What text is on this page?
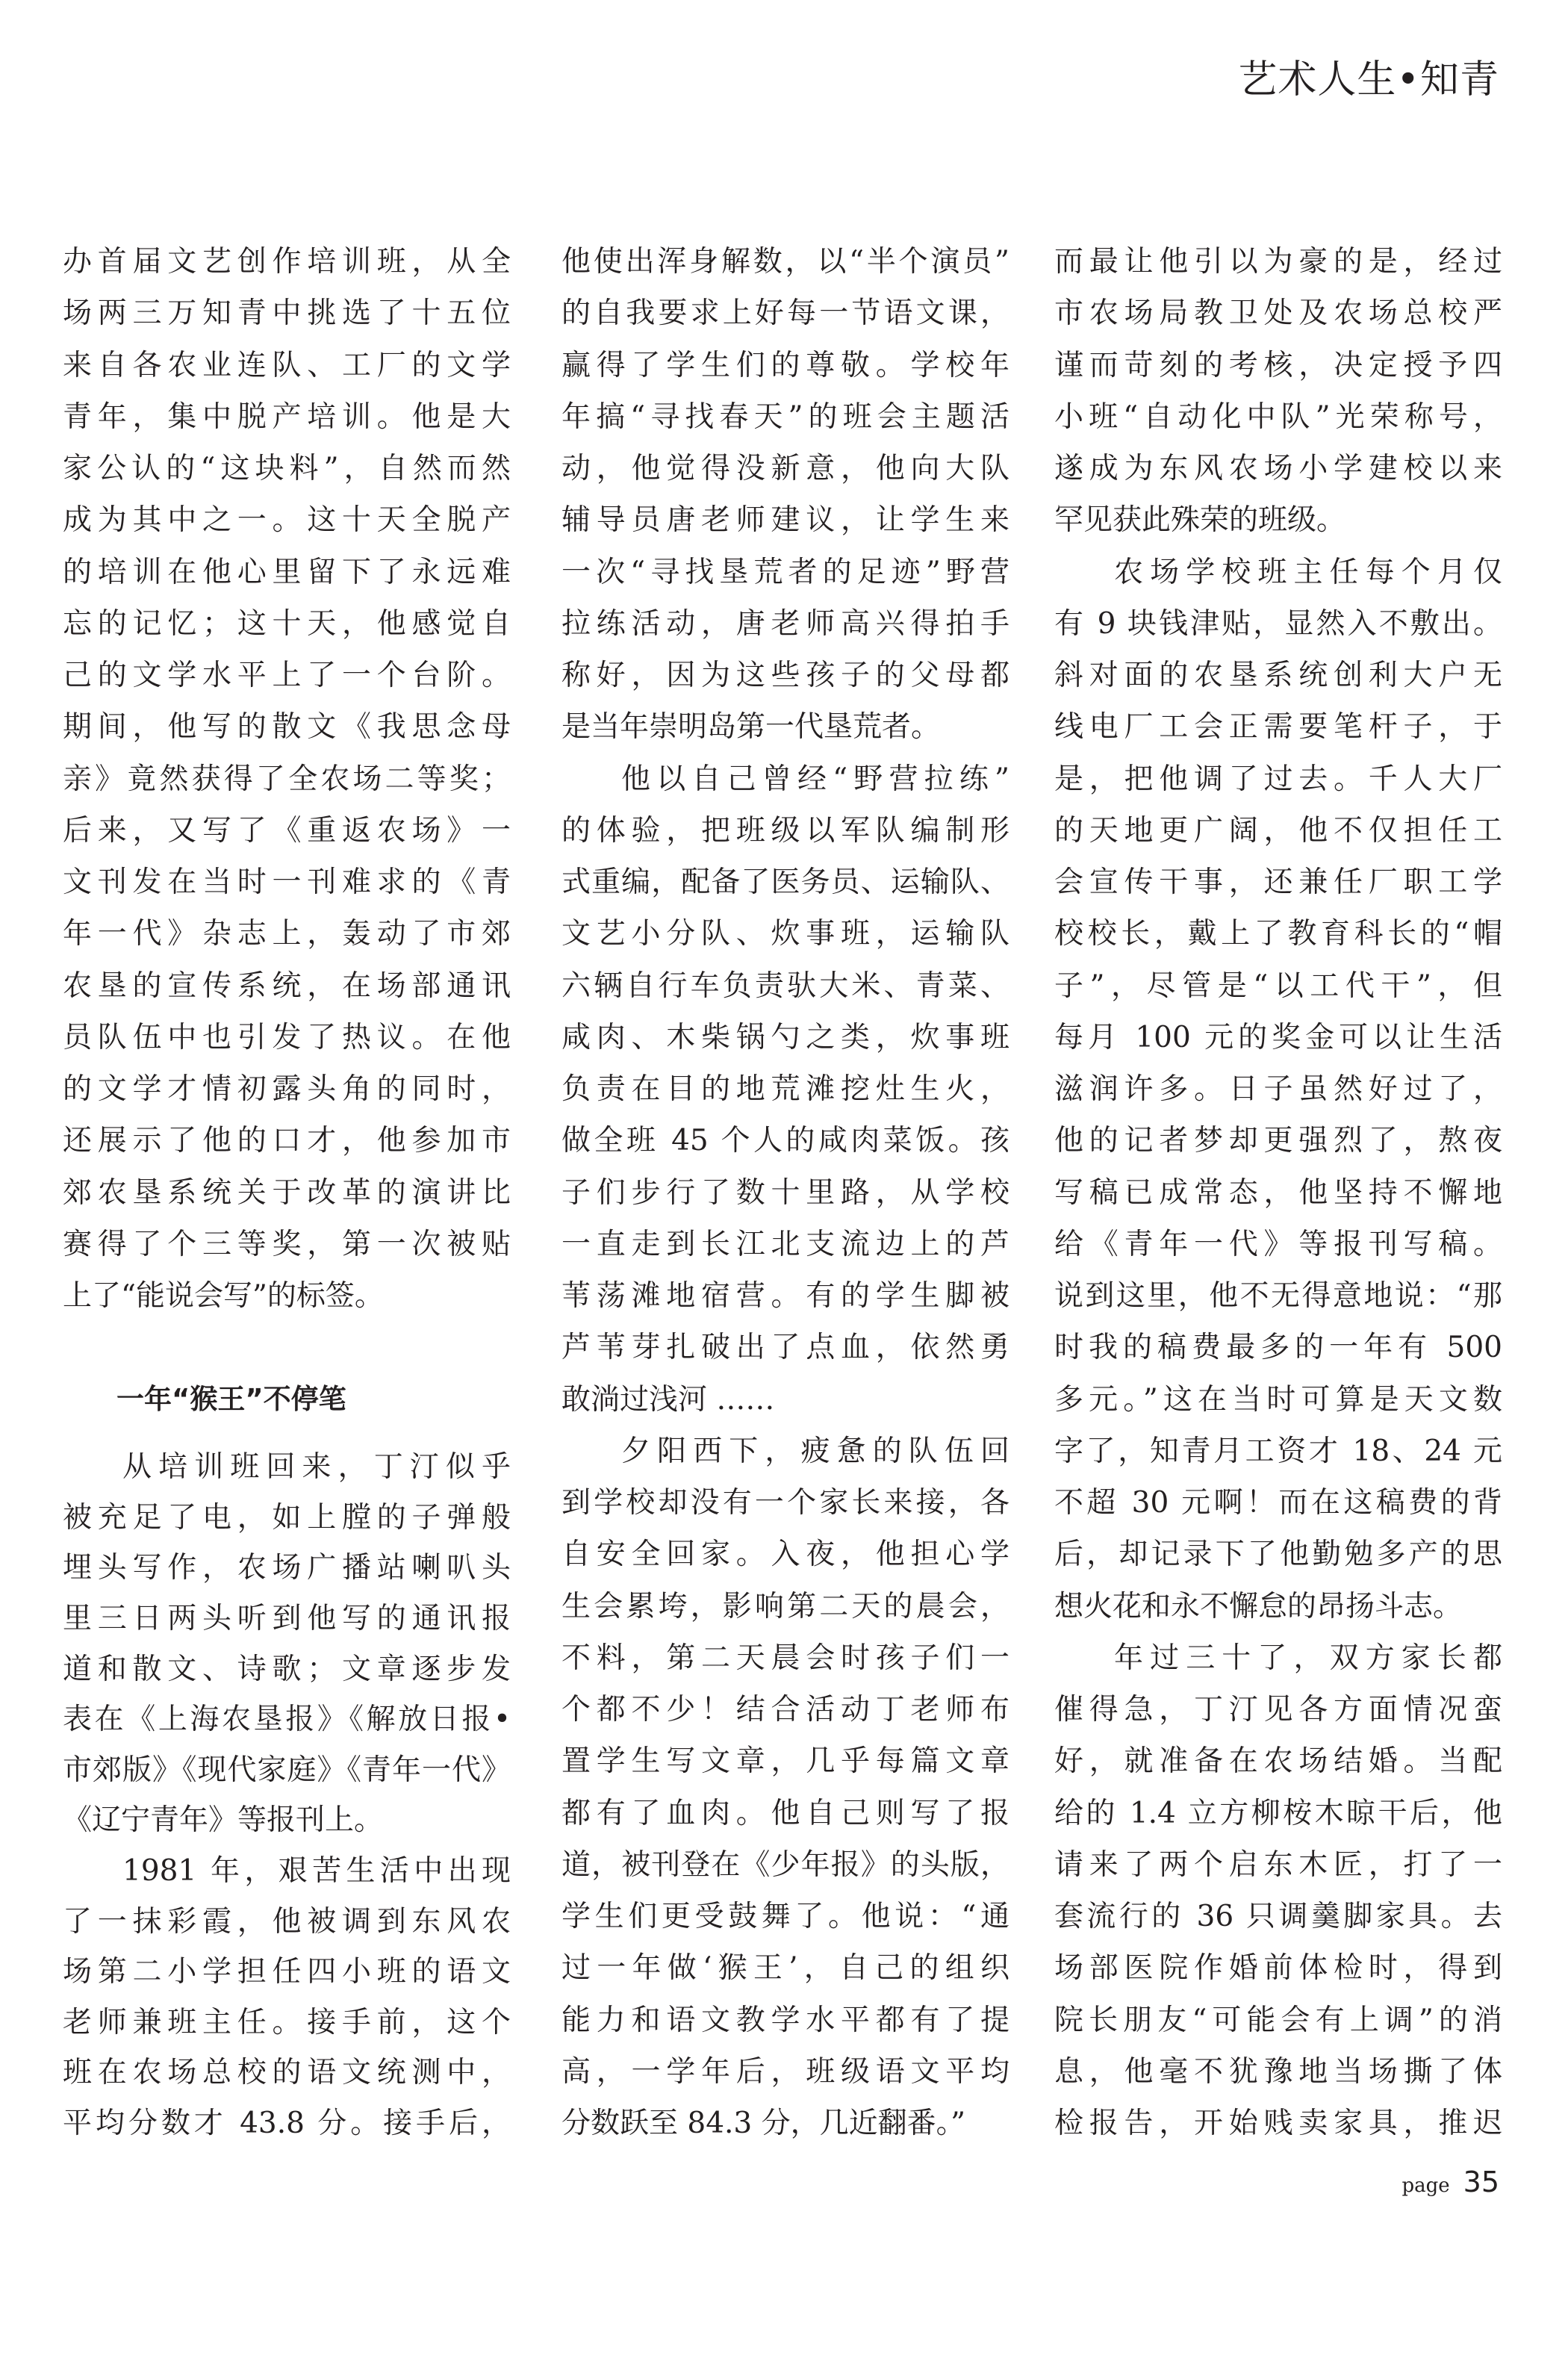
艺术人生•知青
办首届文艺创作培训班，从全
场两三万知青中挑选了十五位
来自各农业连队、工厂的文学
青年，集中脱产培训。他是大
家公认的“这块料”，自然而然
成为其中之一。这十天全脱产
的培训在他心里留下了永远难
忘的记忆；这十天，他感觉自
己的文学水平上了一个台阶。
期间，他写的散文《我思念母
亲》竟然获得了全农场二等奖；
后来，又写了《重返农场》一
文刊发在当时一刊难求的《青
年一代》杂志上，轰动了市郊
农垦的宣传系统，在场部通讯
员队伍中也引发了热议。在他
的文学才情初露头角的同时，
还展示了他的口才，他参加市
郊农垦系统关于改革的演讲比
赛得了个三等奖，第一次被贴
上了“能说会写”的标签。
一年“猴王”不停笔
从培训班回来，丁汀似乎
被充足了电，如上膛的子弹般
埋头写作，农场广播站喇叭头
里三日两头听到他写的通讯报
道和散文、诗歌；文章逐步发
表在《上海农垦报》《解放日报•
市郊版》《现代家庭》《青年一代》
《辽宁青年》等报刊上。
1981 年，艰苦生活中出现
了一抹彩霞，他被调到东风农
场第二小学担任四小班的语文
老师兼班主任。接手前，这个
班在农场总校的语文统测中，
平均分数才 43.8 分。接手后，
他使出浑身解数，以“半个演员”
的自我要求上好每一节语文课，
赢得了学生们的尊敬。学校年
年搞“寻找春天”的班会主题活
动，他觉得没新意，他向大队
辅导员唐老师建议，让学生来
一次“寻找垦荒者的足迹”野营
拉练活动，唐老师高兴得拍手
称好，因为这些孩子的父母都
是当年崇明岛第一代垦荒者。
他以自己曾经“野营拉练”
的体验，把班级以军队编制形
式重编，配备了医务员、运输队、
文艺小分队、炊事班，运输队
六辆自行车负责驮大米、青菜、
咸肉、木柴锅勺之类，炊事班
负责在目的地荒滩挖灶生火，
做全班 45 个人的咸肉菜饭。孩
子们步行了数十里路，从学校
一直走到长江北支流边上的芦
苇荡滩地宿营。有的学生脚被
芦苇芽扎破出了点血，依然勇
敢淌过浅河 ……
夕阳西下，疲惫的队伍回
到学校却没有一个家长来接，各
自安全回家。入夜，他担心学
生会累垮，影响第二天的晨会，
不料，第二天晨会时孩子们一
个都不少！结合活动丁老师布
置学生写文章，几乎每篇文章
都有了血肉。他自己则写了报
道，被刊登在《少年报》的头版，
学生们更受鼓舞了。他说：“通
过一年做‘猴王’，自己的组织
能力和语文教学水平都有了提
高，一学年后，班级语文平均
分数跃至 84.3 分，几近翻番。”
而最让他引以为豪的是，经过
市农场局教卫处及农场总校严
谨而苛刻的考核，决定授予四
小班“自动化中队”光荣称号，
遂成为东风农场小学建校以来
罕见获此殊荣的班级。
农场学校班主任每个月仅
有 9 块钱津贴，显然入不敷出。
斜对面的农垦系统创利大户无
线电厂工会正需要笔杆子，于
是，把他调了过去。千人大厂
的天地更广阔，他不仅担任工
会宣传干事，还兼任厂职工学
校校长，戴上了教育科长的“帽
子”，尽管是“以工代干”，但
每月 100 元的奖金可以让生活
滋润许多。日子虽然好过了，
他的记者梦却更强烈了，熬夜
写稿已成常态，他坚持不懈地
给《青年一代》等报刊写稿。
说到这里，他不无得意地说：“那
时我的稿费最多的一年有 500
多元。”这在当时可算是天文数
字了，知青月工资才 18、24 元
不超 30 元啊！而在这稿费的背
后，却记录下了他勤勉多产的思
想火花和永不懈怠的昂扬斗志。
年过三十了，双方家长都
催得急，丁汀见各方面情况蛮
好，就准备在农场结婚。当配
给的 1.4 立方柳桉木晾干后，他
请来了两个启东木匠，打了一
套流行的 36 只调羹脚家具。去
场部医院作婚前体检时，得到
院长朋友“可能会有上调”的消
息，他毫不犹豫地当场撕了体
检报告，开始贱卖家具，推迟
page 35
